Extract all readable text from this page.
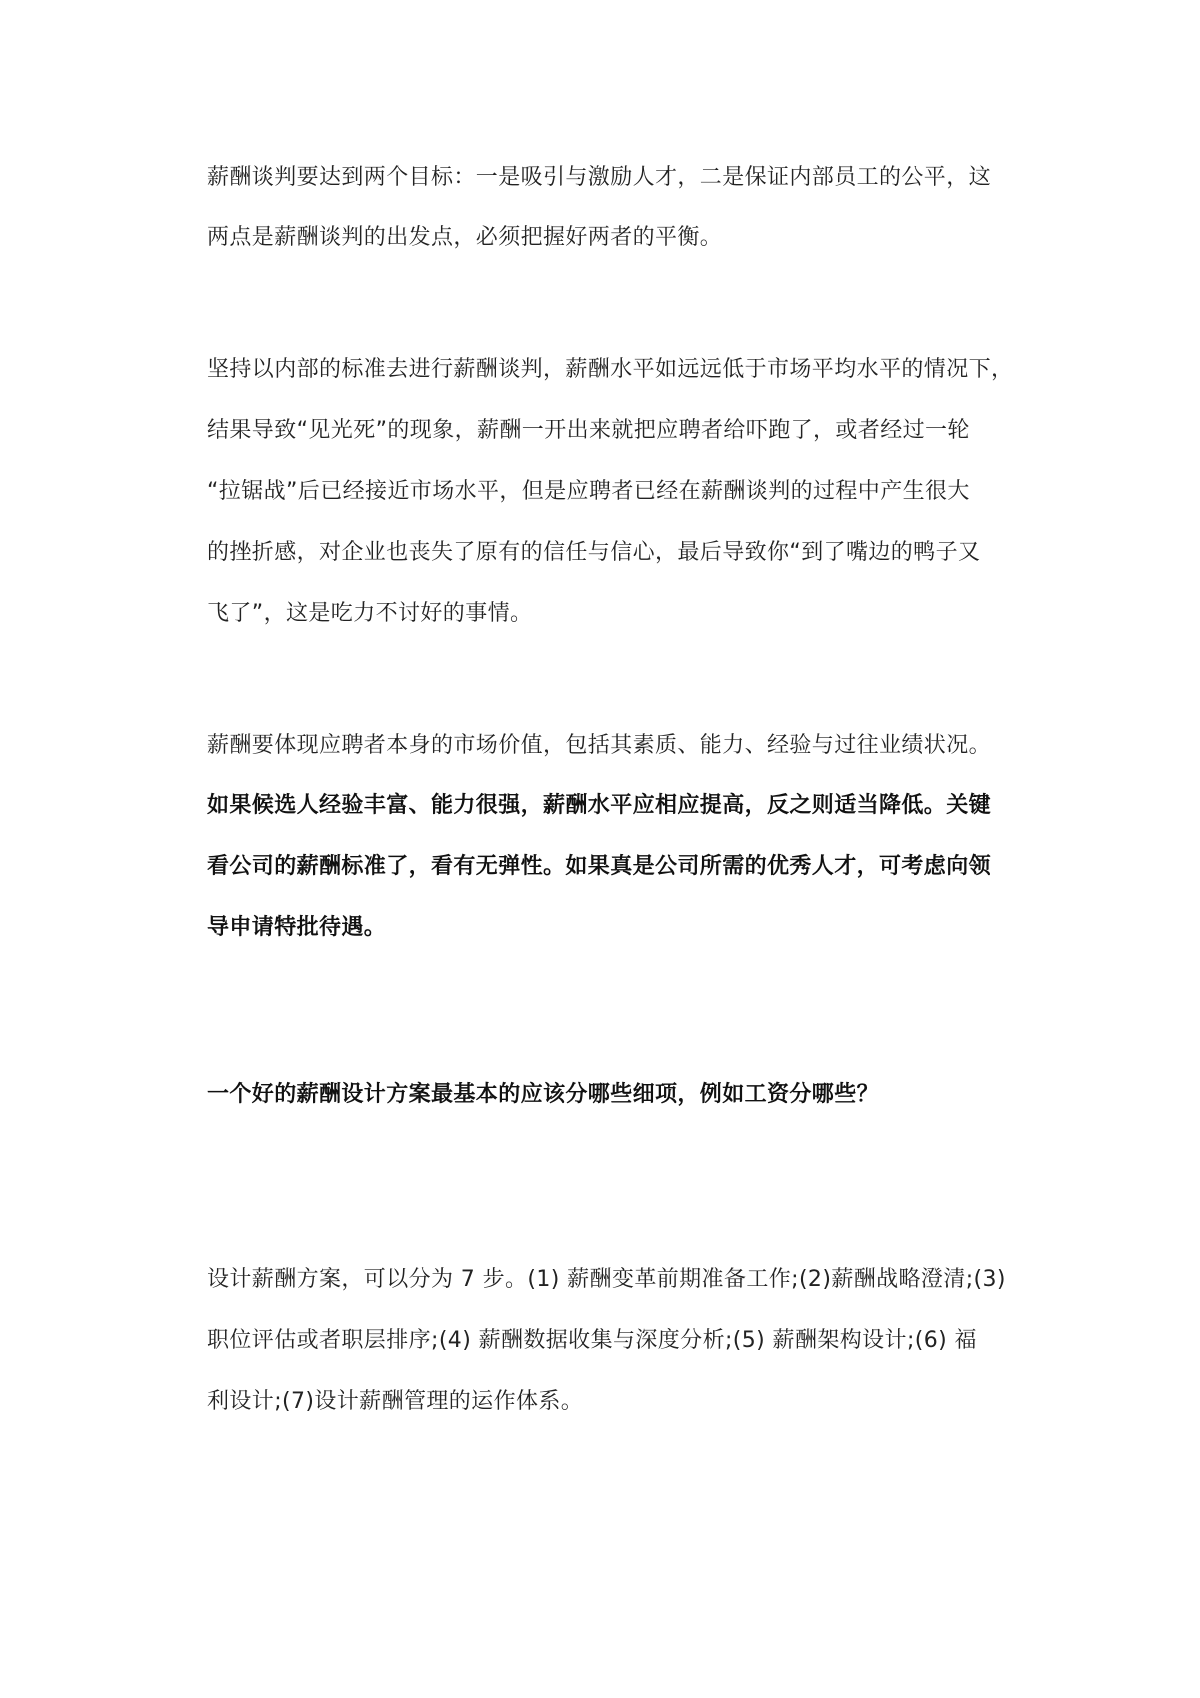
薪酬谈判要达到两个目标：一是吸引与激励人才，二是保证内部员工的公平，这

两点是薪酬谈判的出发点，必须把握好两者的平衡。

坚持以内部的标准去进行薪酬谈判，薪酬水平如远远低于市场平均水平的情况下，

结果导致“见光死”的现象，薪酬一开出来就把应聘者给吓跑了，或者经过一轮

“拉锯战”后已经接近市场水平，但是应聘者已经在薪酬谈判的过程中产生很大

的挫折感，对企业也丧失了原有的信任与信心，最后导致你“到了嘴边的鸭子又

飞了”，这是吃力不讨好的事情。

薪酬要体现应聘者本身的市场价值，包括其素质、能力、经验与过往业绩状况。

如果候选人经验丰富、能力很强，薪酬水平应相应提高，反之则适当降低。关键

看公司的薪酬标准了，看有无弹性。如果真是公司所需的优秀人才，可考虑向领

导申请特批待遇。

一个好的薪酬设计方案最基本的应该分哪些细项，例如工资分哪些？

设计薪酬方案，可以分为 7 步。(1) 薪酬变革前期准备工作;(2)薪酬战略澄清;(3)

职位评估或者职层排序;(4) 薪酬数据收集与深度分析;(5) 薪酬架构设计;(6) 福

利设计;(7)设计薪酬管理的运作体系。
